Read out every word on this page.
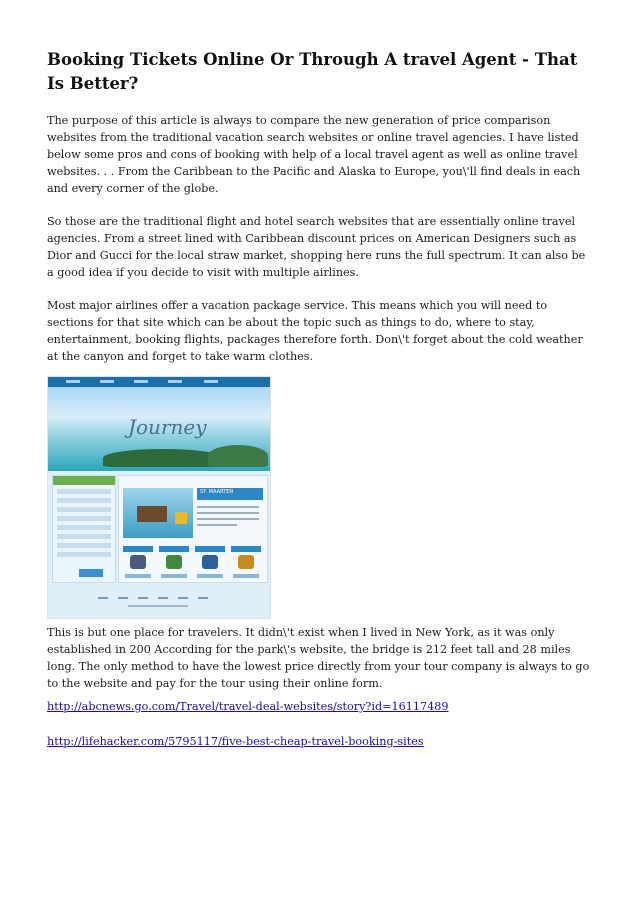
Booking Tickets Online Or Through A travel Agent - That Is Better?

The purpose of this article is always to compare the new generation of price comparison websites from the traditional vacation search websites or online travel agencies. I have listed below some pros and cons of booking with help of a local travel agent as well as online travel websites. . . From the Caribbean to the Pacific and Alaska to Europe, you\'ll find deals in each and every corner of the globe.

So those are the traditional flight and hotel search websites that are essentially online travel agencies. From a street lined with Caribbean discount prices on American Designers such as Dior and Gucci for the local straw market, shopping here runs the full spectrum. It can also be a good idea if you decide to visit with multiple airlines.

Most major airlines offer a vacation package service. This means which you will need to sections for that site which can be about the topic such as things to do, where to stay, entertainment, booking flights, packages therefore forth. Don\'t forget about the cold weather at the canyon and forget to take warm clothes.

Journey
ST. MAARTEN

This is but one place for travelers. It didn\'t exist when I lived in New York, as it was only established in 200 According for the park\'s website, the bridge is 212 feet tall and 28 miles long. The only method to have the lowest price directly from your tour company is always to go to the website and pay for the tour using their online form.

http://abcnews.go.com/Travel/travel-deal-websites/story?id=16117489
http://lifehacker.com/5795117/five-best-cheap-travel-booking-sites
